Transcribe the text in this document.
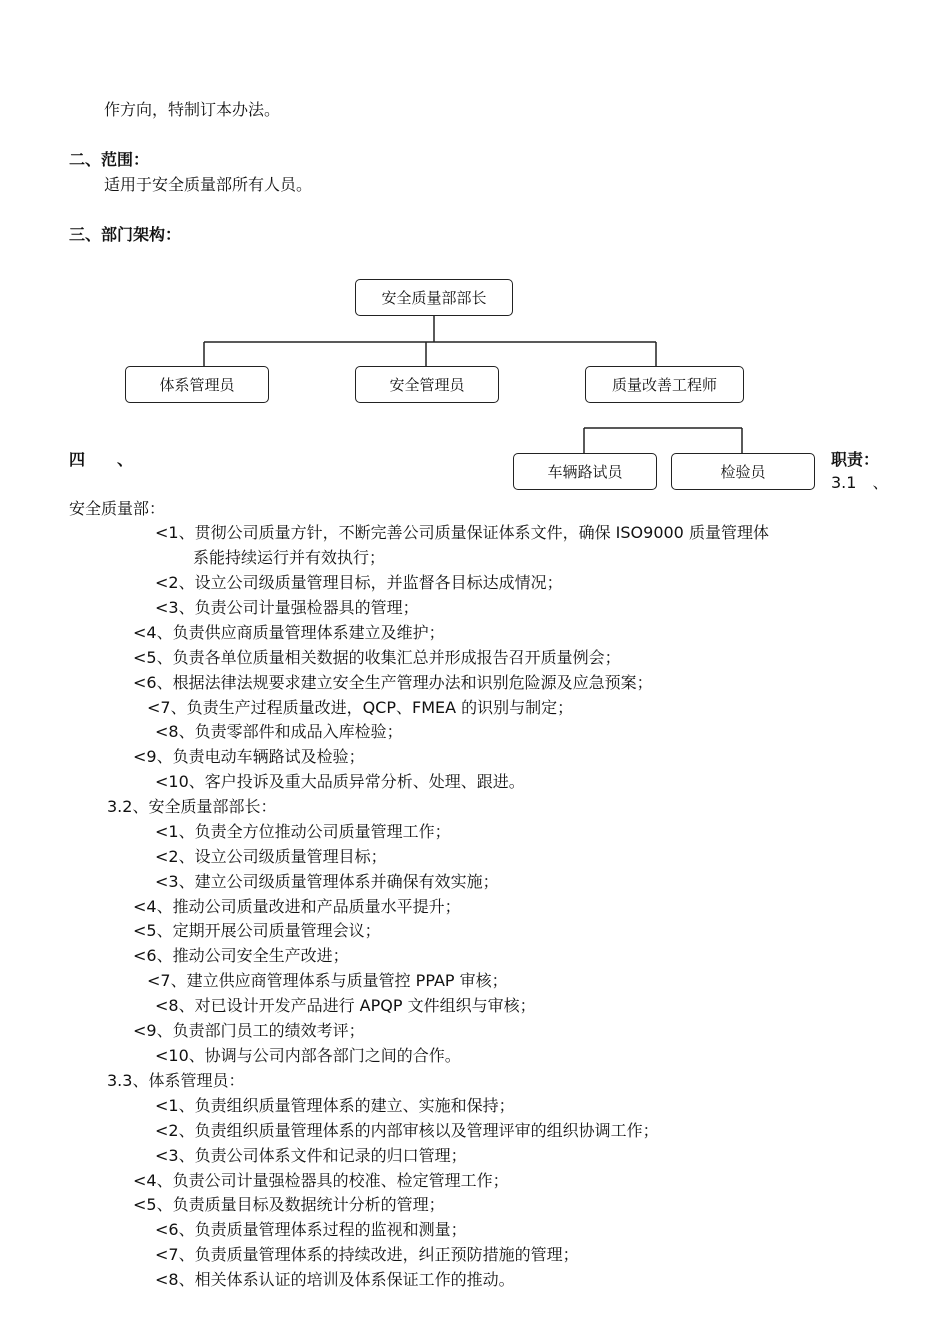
作方向，特制订本办法。
二、范围：
适用于安全质量部所有人员。
三、部门架构：
安全质量部部长
体系管理员	安全管理员	质量改善工程师
车辆路试员	检验员
四　　、	职责：
3.1　、
安全质量部：
<1、贯彻公司质量方针，不断完善公司质量保证体系文件，确保 ISO9000 质量管理体
系能持续运行并有效执行；
<2、设立公司级质量管理目标，并监督各目标达成情况；
<3、负责公司计量强检器具的管理；
<4、负责供应商质量管理体系建立及维护；
<5、负责各单位质量相关数据的收集汇总并形成报告召开质量例会；
<6、根据法律法规要求建立安全生产管理办法和识别危险源及应急预案；
<7、负责生产过程质量改进，QCP、FMEA 的识别与制定；
<8、负责零部件和成品入库检验；
<9、负责电动车辆路试及检验；
<10、客户投诉及重大品质异常分析、处理、跟进。
3.2、安全质量部部长：
<1、负责全方位推动公司质量管理工作；
<2、设立公司级质量管理目标；
<3、建立公司级质量管理体系并确保有效实施；
<4、推动公司质量改进和产品质量水平提升；
<5、定期开展公司质量管理会议；
<6、推动公司安全生产改进；
<7、建立供应商管理体系与质量管控 PPAP 审核；
<8、对已设计开发产品进行 APQP 文件组织与审核；
<9、负责部门员工的绩效考评；
<10、协调与公司内部各部门之间的合作。
3.3、体系管理员：
<1、负责组织质量管理体系的建立、实施和保持；
<2、负责组织质量管理体系的内部审核以及管理评审的组织协调工作；
<3、负责公司体系文件和记录的归口管理；
<4、负责公司计量强检器具的校准、检定管理工作；
<5、负责质量目标及数据统计分析的管理；
<6、负责质量管理体系过程的监视和测量；
<7、负责质量管理体系的持续改进，纠正预防措施的管理；
<8、相关体系认证的培训及体系保证工作的推动。
